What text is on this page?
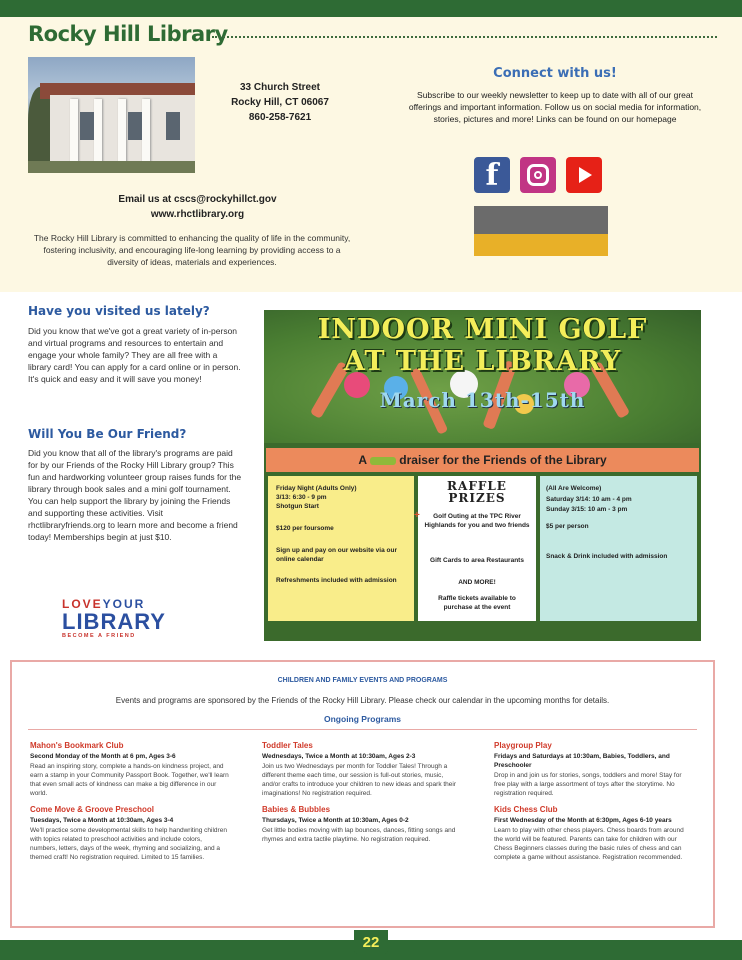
Rocky Hill Library
33 Church Street
Rocky Hill, CT 06067
860-258-7621
Connect with us!
Subscribe to our weekly newsletter to keep up to date with all of our great offerings and important information. Follow us on social media for information, stories, pictures and more! Links can be found on our homepage
f
Email us at cscs@rockyhillct.gov
www.rhctlibrary.org
The Rocky Hill Library is committed to enhancing the quality of life in the community, fostering inclusivity, and encouraging life-long learning by providing access to a diversity of ideas, materials and experiences.
Have you visited us lately?
Did you know that we've got a great variety of in-person and virtual programs and resources to entertain and engage your whole family? They are all free with a library card! You can apply for a card online or in person. It's quick and easy and it will save you money!
Will You Be Our Friend?
Did you know that all of the library's programs are paid for by our Friends of the Rocky Hill Library group? This fun and hardworking volunteer group raises funds for the library through book sales and a mini golf tournament. You can help support the library by joining the Friends and supporting these activities. Visit rhctlibraryfriends.org to learn more and become a friend today! Memberships begin at just $10.
LOVEYOUR
LIBRARY
BECOME A FRIEND
INDOOR MINI GOLF
AT THE LIBRARY
March 13th-15th
A	draiser for the Friends of the Library
Friday Night (Adults Only)
3/13: 6:30 - 9 pm
Shotgun Start
$120 per foursome
Sign up and pay on our website via our online calendar
Refreshments included with admission
RAFFLE PRIZES
Golf Outing at the TPC River Highlands for you and two friends
Gift Cards to area Restaurants
AND MORE!
Raffle tickets available to purchase at the event
(All Are Welcome)
Saturday 3/14: 10 am - 4 pm
Sunday 3/15: 10 am - 3 pm
$5 per person
Snack & Drink included with admission
+
CHILDREN AND FAMILY EVENTS AND PROGRAMS
Events and programs are sponsored by the Friends of the Rocky Hill Library. Please check our calendar in the upcoming months for details.
Ongoing Programs

Mahon's Bookmark Club

Second Monday of the Month at 6 pm, Ages 3-6

Read an inspiring story, complete a hands-on kindness project, and earn a stamp in your Community Passport Book. Together, we'll learn that even small acts of kindness can make a big difference in our world.

Come Move & Groove Preschool

Tuesdays, Twice a Month at 10:30am, Ages 3-4

We'll practice some developmental skills to help handwriting children with topics related to preschool activities and include colors, numbers, letters, days of the week, rhyming and socializing, and a themed craft! No registration required. Limited to 15 families.

Toddler Tales

Wednesdays, Twice a Month at 10:30am, Ages 2-3

Join us two Wednesdays per month for Toddler Tales! Through a different theme each time, our session is full-out stories, music, and/or crafts to introduce your children to new ideas and spark their imaginations! No registration required.

Babies & Bubbles

Thursdays, Twice a Month at 10:30am, Ages 0-2

Get little bodies moving with lap bounces, dances, fitting songs and rhymes and extra tactile playtime. No registration required.

Playgroup Play

Fridays and Saturdays at 10:30am, Babies, Toddlers, and Preschooler

Drop in and join us for stories, songs, toddlers and more! Stay for free play with a large assortment of toys after the storytime. No registration required.

Kids Chess Club

First Wednesday of the Month at 6:30pm, Ages 6-10 years

Learn to play with other chess players. Chess boards from around the world will be featured. Parents can take for children with our Chess Beginners classes during the basic rules of chess and can complete a game without assistance. Registration recommended.

22
